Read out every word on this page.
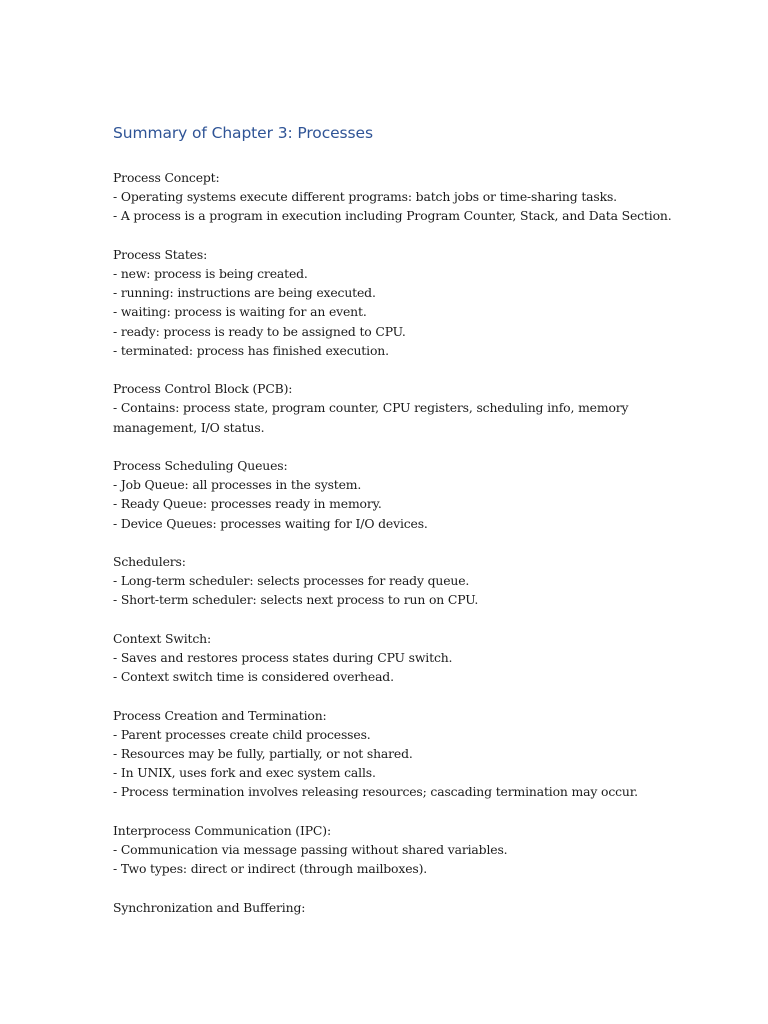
Summary of Chapter 3: Processes
Process Concept:
- Operating systems execute different programs: batch jobs or time-sharing tasks.
- A process is a program in execution including Program Counter, Stack, and Data Section.
Process States:
- new: process is being created.
- running: instructions are being executed.
- waiting: process is waiting for an event.
- ready: process is ready to be assigned to CPU.
- terminated: process has finished execution.
Process Control Block (PCB):
- Contains: process state, program counter, CPU registers, scheduling info, memory management, I/O status.
Process Scheduling Queues:
- Job Queue: all processes in the system.
- Ready Queue: processes ready in memory.
- Device Queues: processes waiting for I/O devices.
Schedulers:
- Long-term scheduler: selects processes for ready queue.
- Short-term scheduler: selects next process to run on CPU.
Context Switch:
- Saves and restores process states during CPU switch.
- Context switch time is considered overhead.
Process Creation and Termination:
- Parent processes create child processes.
- Resources may be fully, partially, or not shared.
- In UNIX, uses fork and exec system calls.
- Process termination involves releasing resources; cascading termination may occur.
Interprocess Communication (IPC):
- Communication via message passing without shared variables.
- Two types: direct or indirect (through mailboxes).
Synchronization and Buffering:
